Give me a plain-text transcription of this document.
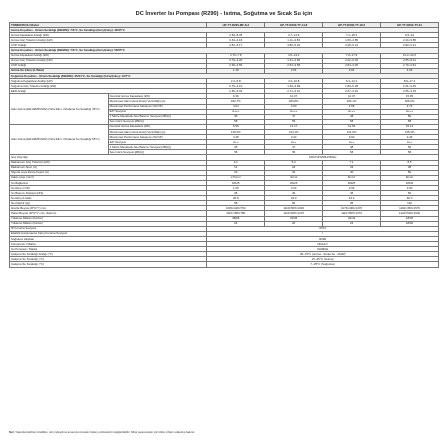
DC İnverter Isı Pompası (R290) - Isıtma, Soğutma ve Sıcak Su için
TOMMATECH Model		HP-TT-R290-MF-8.3	HP-TT-R290-TT-14.8	HP-TT-R290-TT-18.2	HP-TT-R290-TT-24
Isıtma Koşulları - Ortam Sıcaklığı (DB/WB): 7/6°C, Su Sıcaklığı (Giriş/Çıkış): 30/35°C					
Isıtma Kapasitesi Aralığı (kW)		2.60~8.35	3.7~14.8	7.2~18.2	9.6~24
Isıtma Güç Tüketimi Aralığı (kW)		0.64~2.18	1.11~3.83	1.66~4.85	2.20~5.85
COP Aralığı		3.81~5.17	3.86~5.22	3.45~5.21	3.90~5.21
Isıtma Koşulları - Ortam Sıcaklığı (DB/WB): 7/6°C, Su Sıcaklığı (Giriş/Çıkış): 50/55°C					
Isıtma Kapasitesi Aralığı (kW)		2.70~7.8	4.5~13.2	7.8~17.9	10.2~22.6
Isıtma Güç Tüketimi Aralığı (kW)		0.79~2.20	1.31~4.60	2.22~6.32	2.65~8.21
COP Aralığı		2.93~3.55	2.54~3.58	2.54~3.45	2.70~3.61
Isıtma Su Çıkışı (L/Saat)		1.18	2.51	3.04	4.06
Soğutma Koşulları - Ortam Sıcaklığı (DB/WB): 35/24°C, Su Sıcaklığı (Giriş/Çıkış): 12/7°C					
Soğutma Kapasitesi Aralığı (kW)		2.4~5.8	4.3~10.8	5.4~14.1	8.9~17.2
Soğutma Güç Tüketimi Aralığı (kW)		0.79~2.10	1.39~3.99	1.80~5.28	2.21~6.49
EER Aralığı		2.65~3.04	2.71~3.10	2.67~3.10	2.65~3.15
Alan Isıtma (EN14825/2022) (Orta İklim, Ortalama Su Sıcaklığı 35°C)	Nominal Isıtma Kapasitesi (kW)	6.36	10.27	12.37	15.95
	Mevsimsel Alan Isıtma Enerji Verimliliği (ηs)	182.7%	180.8%	184.1%	186.0%
	Mevsimsel Performans Katsayısı (SCOP)	4.64	4.60	4.68	4.73
	ErP Seviyesi	A+++	A+++	A+++	A+++
	1 Metre Mesafede Ses Basıncı Seviyesi [dB(A)]	45	47	48	50
	Ses Gücü Seviyesi [dB(A)]	58	56	58	58
Alan Isıtma (EN14825/2022) (Orta İklim, Ortalama Su Sıcaklığı 55°C)	Nominal Isıtma Kapasitesi (kW)	5.99	12.17	12.63	15.14
	Mevsimsel Alan Isıtma Enerji Verimliliği (ηs)	136.0%	134.1%	141.0%	135.4%
	Mevsimsel Performans Katsayısı (SCOP)	3.48	3.44	3.60	3.46
	ErP Seviyesi	A++	A++	A++	A++
	1 Metre Mesafede Ses Basıncı Seviyesi [dB(A)]	45	47	48	50
	Ses Gücü Seviyesi [dB(A)]	58	56	58	58
Güç Kaynağı		230V/1Ph/50Hz/60Hz			
Maksimum Güç Tüketimi (kW)		3.1	5.2	7.1	8.5
Maksimum Akım (A)		14	24	33	38
Sigorta veya Devre Kesici (A)		20	32	40	50
Kablo Çapı (mm²)		2.5mm²	4mm²	6mm²	6mm²
Su Bağlantısı		DN25	DN25	DN25	DN32
Su Akışı (m³/h)		1.25	2.04	2.65	3.60
Su Basıncı Düşüşü (kPa)		35	40	45	50
Su Akışı (L/dak)		20.8	34.0	44.2	60.0
Net Ağırlık (kg)		58	84	95	120
Gövde Boyutu (D*G*Y) mm		1084×420×754	1110×505×1030	1076×490×1376	1162×450×1576
Paket Boyutu (D*G*Y) mm (Karton)		1110×455×780	1110×505×1070	1110×505×1370	1220×500×1620
Yükleme Miktarı (Karton)		48/96	22/94	22/44	18/40
Yükleme Miktarı (Karton)		24	20	22	18/40
IP Koruma Seviyesi		IPX4			
Elektrik Çarpmasına Karşı Koruma Seviyesi		I			
Soğutucu Akışkan		R290			
Kompresör / Marka		HIGHLY			
Su Pompası / Marka		SHIMGE			
Çalışma Su Sıcaklığı Aralığı (°C)		25~75°C (Isıtma - Sıcak Su - DHW)			
Çalışma Su Sıcaklığı (°C)		15~35°C (Isıtma)			
Çalışma Su Sıcaklığı (°C)		7~35°C (Soğutma)			
Not: Yukarıda belirtilen özellikler, ürün iyileştirme amacıyla önceden haber verilmeksizin değiştirilebilir. Nihai parametreler için lütfen cihazın etiketine bakınız.
